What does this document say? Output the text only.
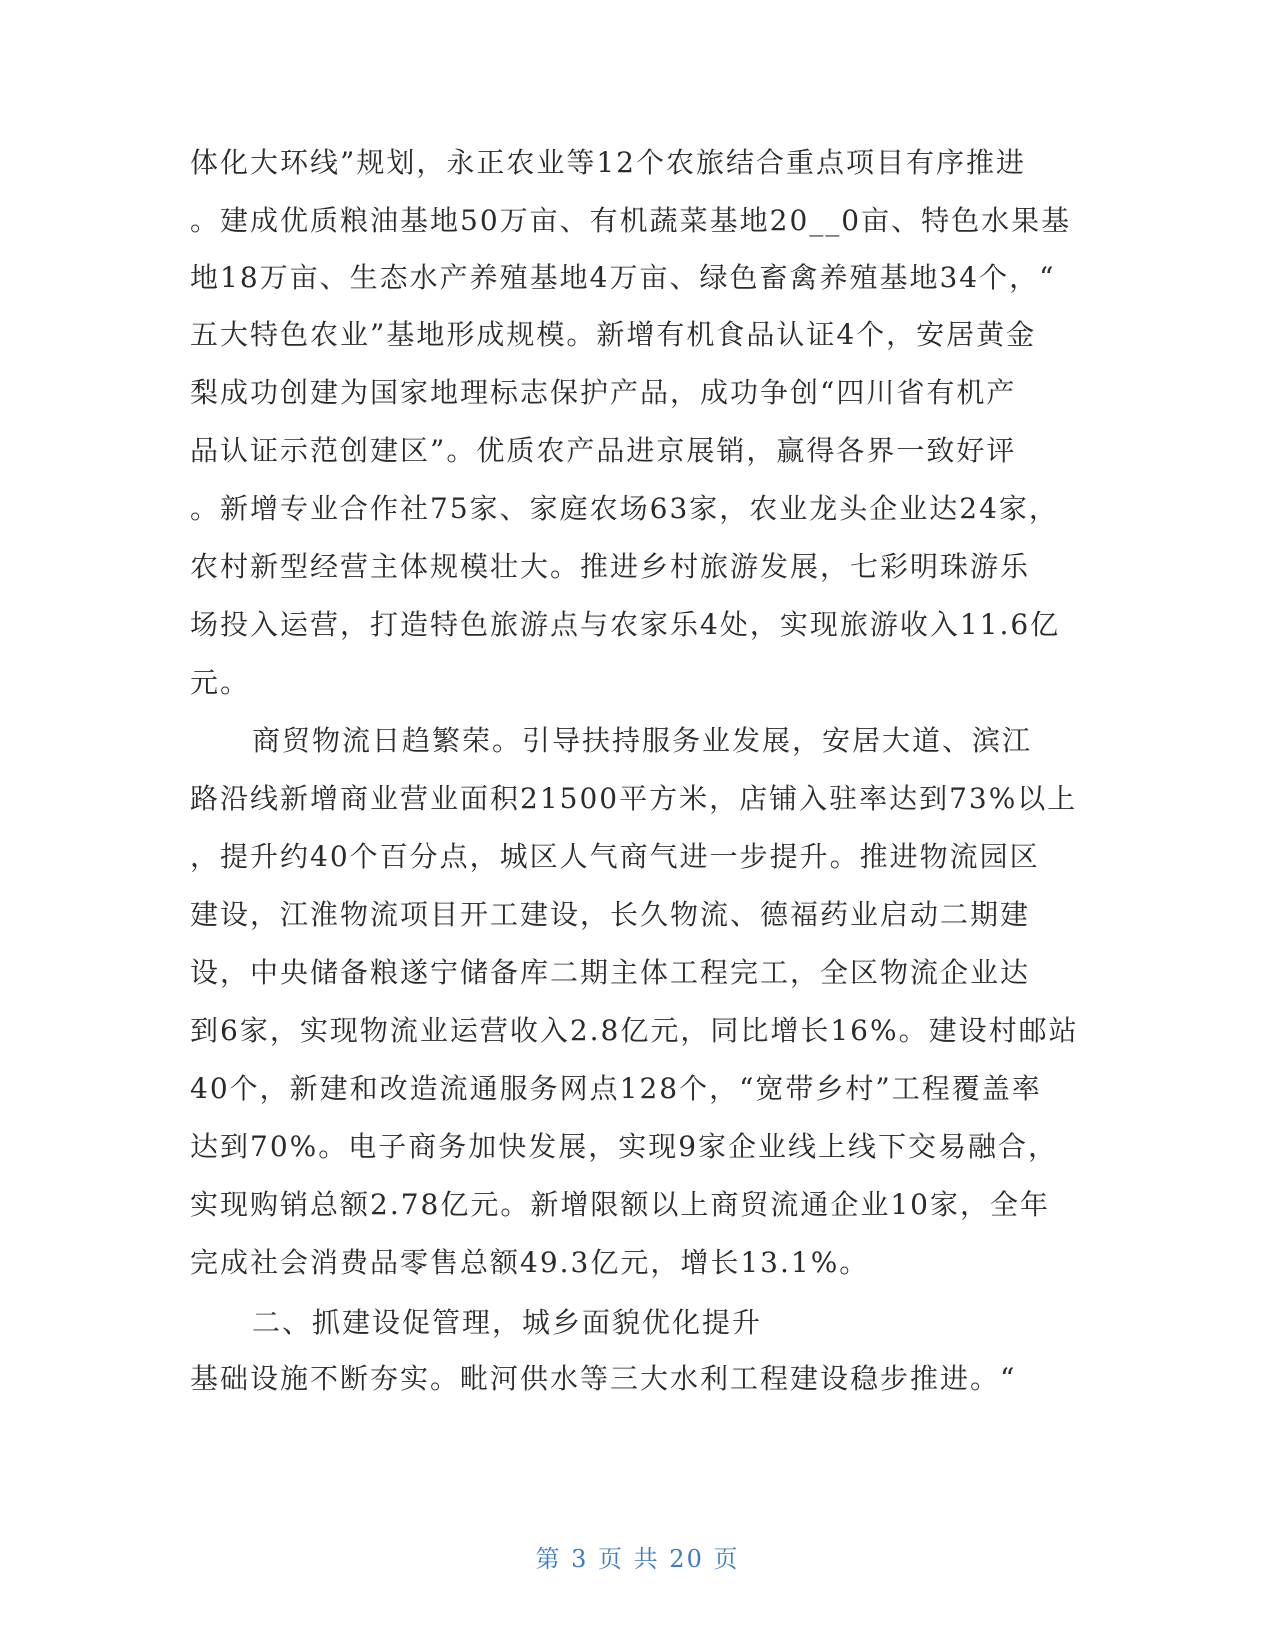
体化大环线”规划，永正农业等12个农旅结合重点项目有序推进
。建成优质粮油基地50万亩、有机蔬菜基地20__0亩、特色水果基
地18万亩、生态水产养殖基地4万亩、绿色畜禽养殖基地34个，“
五大特色农业”基地形成规模。新增有机食品认证4个，安居黄金
梨成功创建为国家地理标志保护产品，成功争创“四川省有机产
品认证示范创建区”。优质农产品进京展销，赢得各界一致好评
。新增专业合作社75家、家庭农场63家，农业龙头企业达24家，
农村新型经营主体规模壮大。推进乡村旅游发展，七彩明珠游乐
场投入运营，打造特色旅游点与农家乐4处，实现旅游收入11.6亿
元。
商贸物流日趋繁荣。引导扶持服务业发展，安居大道、滨江
路沿线新增商业营业面积21500平方米，店铺入驻率达到73%以上
，提升约40个百分点，城区人气商气进一步提升。推进物流园区
建设，江淮物流项目开工建设，长久物流、德福药业启动二期建
设，中央储备粮遂宁储备库二期主体工程完工，全区物流企业达
到6家，实现物流业运营收入2.8亿元，同比增长16%。建设村邮站
40个，新建和改造流通服务网点128个，“宽带乡村”工程覆盖率
达到70%。电子商务加快发展，实现9家企业线上线下交易融合，
实现购销总额2.78亿元。新增限额以上商贸流通企业10家，全年
完成社会消费品零售总额49.3亿元，增长13.1%。
二、抓建设促管理，城乡面貌优化提升
基础设施不断夯实。毗河供水等三大水利工程建设稳步推进。“
第 3 页 共 20 页
